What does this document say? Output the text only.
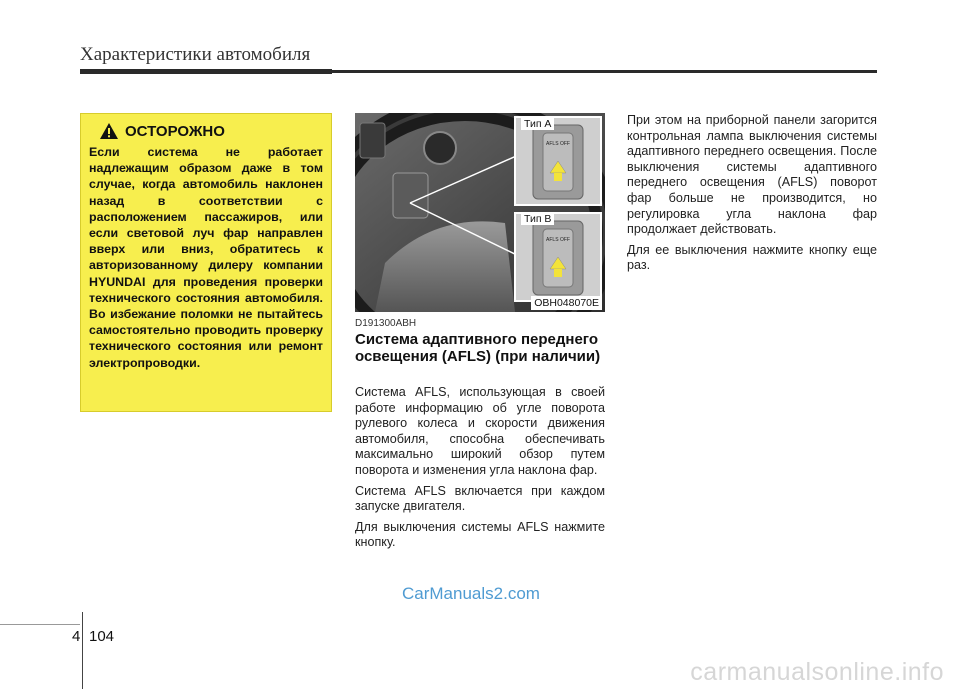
Характеристики автомобиля
ОСТОРОЖНО
Если система не работает надлежащим образом даже в том случае, когда автомобиль наклонен назад в соответствии с расположением пассажиров, или если световой луч фар направлен вверх или вниз, обратитесь к авторизованному дилеру компании HYUNDAI для проведения проверки технического состояния автомобиля. Во избежание поломки не пытайтесь самостоятельно проводить проверку технического состояния или ремонт электропроводки.
AFLS OFF
AFLS OFF
Тип A
Тип B
OBH048070E
D191300ABH
Система адаптивного переднего освещения (AFLS) (при наличии)

Система AFLS, использующая в своей работе информацию об угле поворота рулевого колеса и скорости движения автомобиля, способна обеспечивать максимально широкий обзор путем поворота и изменения угла наклона фар.

Система AFLS включается при каждом запуске двигателя.

Для выключения системы AFLS нажмите кнопку.

При этом на приборной панели загорится контрольная лампа выключения системы адаптивного переднего освещения. После выключения системы адаптивного переднего освещения (AFLS) поворот фар больше не производится, но регулировка угла наклона фар продолжает действовать.

Для ее выключения нажмите кнопку еще раз.

CarManuals2.com
4 104
carmanualsonline.info
